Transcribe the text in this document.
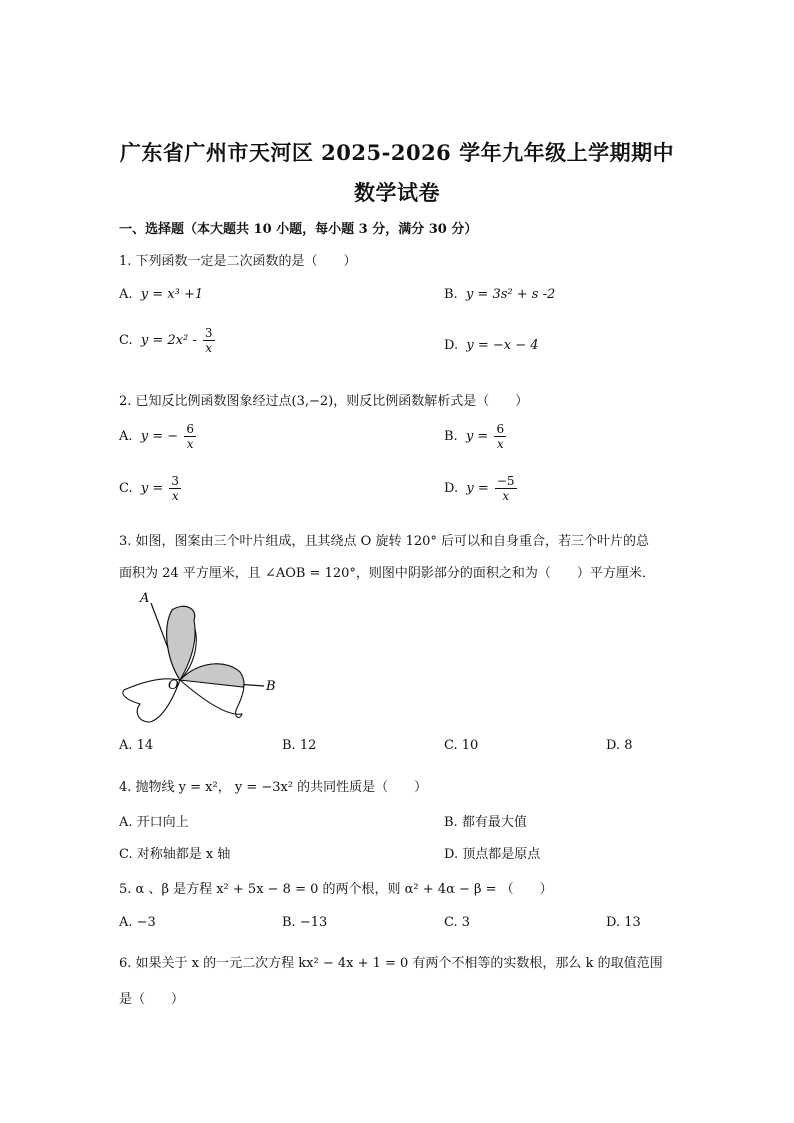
广东省广州市天河区 2025-2026 学年九年级上学期期中
数学试卷
一、选择题（本大题共 10 小题，每小题 3 分，满分 30 分）
1. 下列函数一定是二次函数的是（　　）
A. y = x³ +1	B. y = 3s² + s -2
C. $y = 2x^2 - \frac{3}{x}$	D. y = −x − 4
2. 已知反比例函数图象经过点(3,−2)，则反比例函数解析式是（　　）
A. y = − $\frac{6}{x}$	B. $y = \frac{6}{x}$
C. $y = \frac{3}{x}$	D. $y = \frac{-5}{x}$
3. 如图，图案由三个叶片组成，且其绕点 O 旋转 120° 后可以和自身重合，若三个叶片的总
面积为 24 平方厘米，且 ∠AOB = 120°，则图中阴影部分的面积之和为（　　）平方厘米．
A
O	B
A. 14	B. 12	C. 10	D. 8
4. 抛物线 y = x²， y = −3x² 的共同性质是（　　）
A. 开口向上	B. 都有最大值
C. 对称轴都是 x 轴	D. 顶点都是原点
5. α 、β 是方程 x² + 5x − 8 = 0 的两个根，则 α² + 4α − β = （　　）
A. −3	B. −13	C. 3	D. 13
6. 如果关于 x 的一元二次方程 kx² − 4x + 1 = 0 有两个不相等的实数根，那么 k 的取值范围
是（　　）
